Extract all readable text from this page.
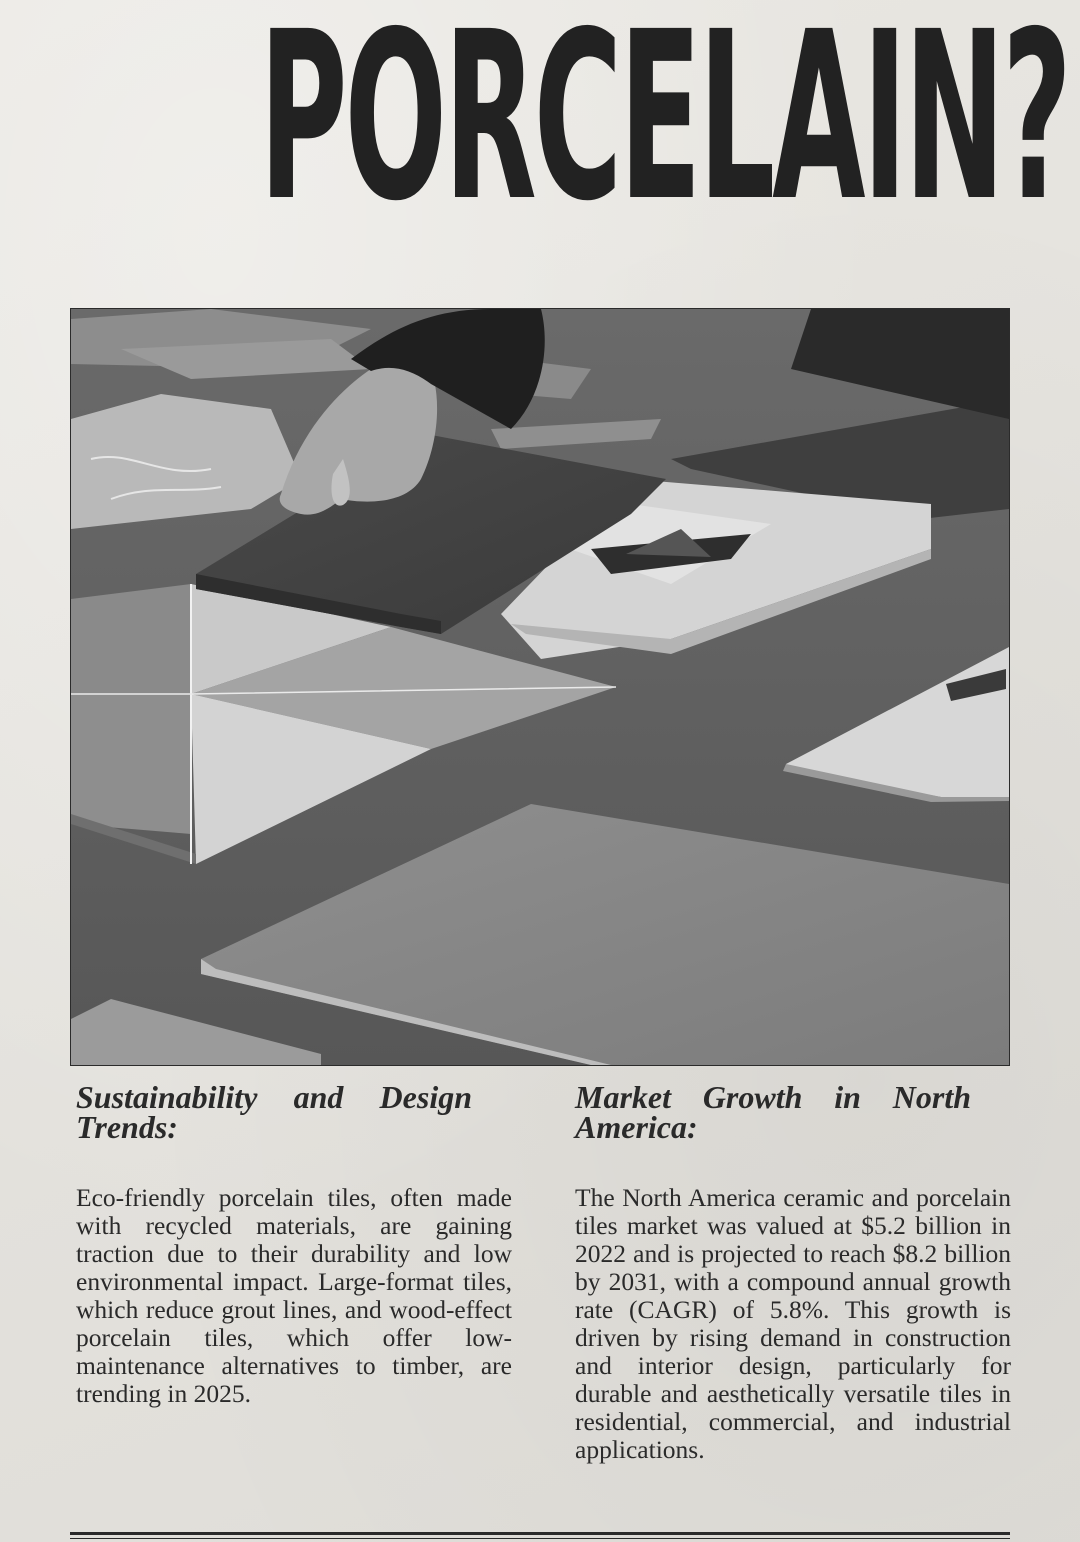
PORCELAIN?
Sustainability and Design Trends:

Eco-friendly porcelain tiles, often made with recycled materials, are gaining traction due to their durability and low environmental impact. Large-format tiles, which reduce grout lines, and wood-effect porcelain tiles, which offer low-maintenance alternatives to timber, are trending in 2025.

Market Growth in North America:

The North America ceramic and porcelain tiles market was valued at $5.2 billion in 2022 and is projected to reach $8.2 billion by 2031, with a compound annual growth rate (CAGR) of 5.8%. This growth is driven by rising demand in construction and interior design, particularly for durable and aesthetically versatile tiles in residential, commercial, and industrial applications.
